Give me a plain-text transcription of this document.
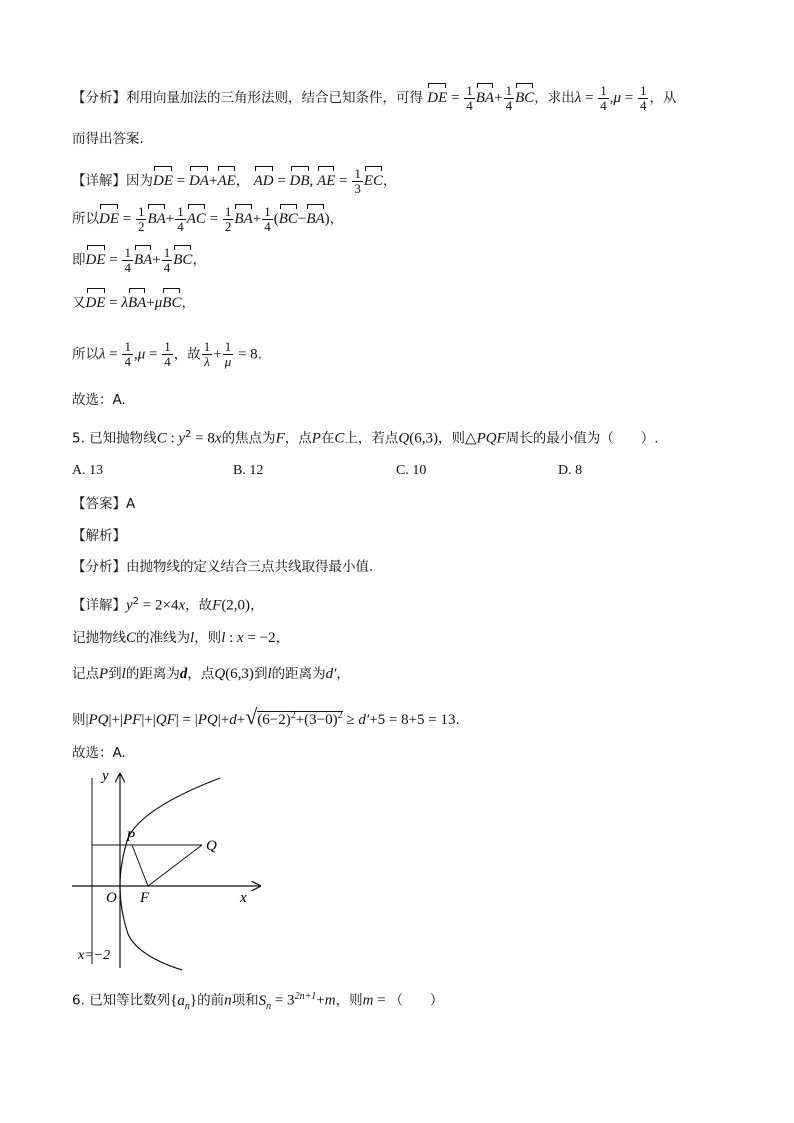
【分析】利用向量加法的三角形法则，结合已知条件，可得 DE = $\frac{1}{4} BA+ \frac{1}{4}$ BC，求出$\lambda = \frac{1}{4} ,\mu = \frac{1}{4}$ ，从
而得出答案.
【详解】因为DE = DA+AE， AD = DB, AE = $\frac{1}{3}$ EC，
所以DE = $\frac{1}{2} BA+ \frac{1}{4}$ AC = $\frac{1}{2} BA+ \frac{1}{4} (BC-BA)$，
即DE = $\frac{1}{4} BA+ \frac{1}{4}$ BC，
又DE = λBA+μBC，
所以$\lambda = \frac{1}{4} ,\mu = \frac{1}{4}$ ，故 $\frac{1}{\lambda} + \frac{1}{\mu} = 8$.
故选：A.
5. 已知抛物线C : $y^2 = 8x$的焦点为F，点P在C上，若点Q(6,3)，则△PQF周长的最小值为（　　）.
A. 13	B. 12	C. 10	D. 8
【答案】A
【解析】
【分析】由抛物线的定义结合三点共线取得最小值.
【详解】$y^2 = 2\times 4x$，故F(2,0)，
记抛物线C的准线为l，则l : x = −2，
记点P到l的距离为d，点Q(6,3)到l的距离为d′，
则$|PQ|+|PF|+|QF| = |PQ|+d+√(6-2)^2+(3-0)^2 \ge d'+5 = 8+5 = 13$.
故选：A.
y
x
O
P
Q
F
x=−2
6. 已知等比数列$\{a_n\}$的前n项和$S_n = 3^{2n+1}+m$，则m = （　　）
